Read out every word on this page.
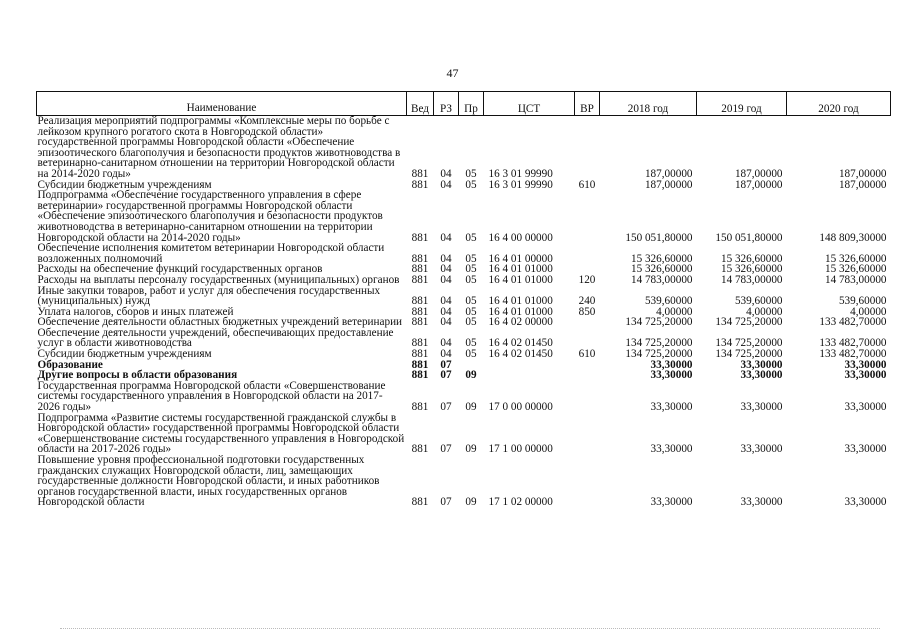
47
Наименование	Вед	РЗ	Пр	ЦСТ	ВР	2018 год	2019 год	2020 год
Реализация мероприятий подпрограммы «Комплексные меры по борьбе с лейкозом крупного рогатого скота в Новгородской области» государственной программы Новгородской области «Обеспечение эпизоотического благополучия и безопасности продуктов животноводства в ветеринарно-санитарном отношении на территории Новгородской области на 2014-2020 годы»	881	04	05	16 3 01 99990		187,00000	187,00000	187,00000
Субсидии бюджетным учреждениям	881	04	05	16 3 01 99990	610	187,00000	187,00000	187,00000
Подпрограмма «Обеспечение государственного управления в сфере ветеринарии» государственной программы Новгородской области «Обеспечение эпизоотического благополучия и безопасности продуктов животноводства в ветеринарно-санитарном отношении на территории Новгородской области на 2014-2020 годы»	881	04	05	16 4 00 00000		150 051,80000	150 051,80000	148 809,30000
Обеспечение исполнения комитетом ветеринарии Новгородской области возложенных полномочий	881	04	05	16 4 01 00000		15 326,60000	15 326,60000	15 326,60000
Расходы на обеспечение функций государственных органов	881	04	05	16 4 01 01000		15 326,60000	15 326,60000	15 326,60000
Расходы на выплаты персоналу государственных (муниципальных) органов	881	04	05	16 4 01 01000	120	14 783,00000	14 783,00000	14 783,00000
Иные закупки товаров, работ и услуг для обеспечения государственных (муниципальных) нужд	881	04	05	16 4 01 01000	240	539,60000	539,60000	539,60000
Уплата налогов, сборов и иных платежей	881	04	05	16 4 01 01000	850	4,00000	4,00000	4,00000
Обеспечение деятельности областных бюджетных учреждений ветеринарии	881	04	05	16 4 02 00000		134 725,20000	134 725,20000	133 482,70000
Обеспечение деятельности учреждений, обеспечивающих предоставление услуг в области животноводства	881	04	05	16 4 02 01450		134 725,20000	134 725,20000	133 482,70000
Субсидии бюджетным учреждениям	881	04	05	16 4 02 01450	610	134 725,20000	134 725,20000	133 482,70000
Образование	881	07				33,30000	33,30000	33,30000
Другие вопросы в области образования	881	07	09			33,30000	33,30000	33,30000
Государственная программа Новгородской области «Совершенствование системы государственного управления в Новгородской области на 2017-2026 годы»	881	07	09	17 0 00 00000		33,30000	33,30000	33,30000
Подпрограмма «Развитие системы государственной гражданской службы в Новгородской области» государственной программы Новгородской области «Совершенствование системы государственного управления в Новгородской области на 2017-2026 годы»	881	07	09	17 1 00 00000		33,30000	33,30000	33,30000
Повышение уровня профессиональной подготовки государственных гражданских служащих Новгородской области, лиц, замещающих государственные должности Новгородской области, и иных работников органов государственной власти, иных государственных органов Новгородской области	881	07	09	17 1 02 00000		33,30000	33,30000	33,30000
